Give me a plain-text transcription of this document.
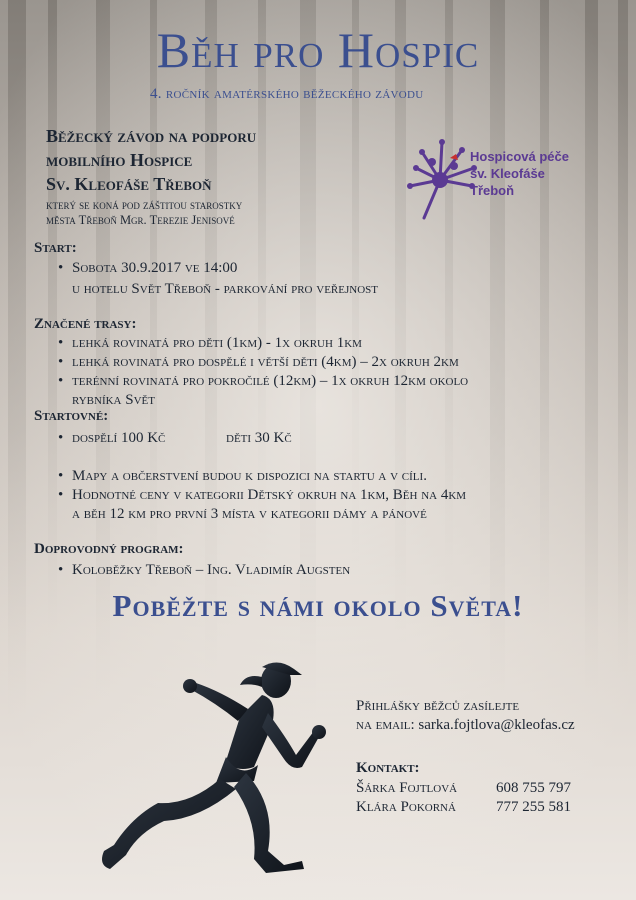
Běh pro Hospic
4. ročník amatérského běžeckého závodu
Běžecký závod na podporu
mobilního Hospice
Sv. Kleofáše Třeboň
který se koná pod záštitou starostky
města Třeboň Mgr. Terezie Jenisové
Hospicová péče
sv. Kleofáše
Třeboň
Start:
• Sobota 30.9.2017 ve 14:00
u hotelu Svět Třeboň - parkování pro veřejnost
Značené trasy:
• lehká rovinatá pro děti (1km) - 1x okruh 1km
• lehká rovinatá pro dospělé i větší děti (4km) – 2x okruh 2km
• terénní rovinatá pro pokročilé (12km) – 1x okruh 12km okolo
rybníka Svět
Startovné:
• dospělí 100 Kč	děti 30 Kč
• Mapy a občerstvení budou k dispozici na startu a v cíli.
• Hodnotné ceny v kategorii Dětský okruh na 1km, Běh na 4km
a běh 12 km pro první 3 místa v kategorii dámy a pánové
Doprovodný program:
• Koloběžky Třeboň – Ing. Vladimír Augsten
Poběžte s námi okolo Světa!
Přihlášky běžců zasílejte
na email: sarka.fojtlova@kleofas.cz
Kontakt:
Šárka Fojtlová	608 755 797
Klára Pokorná	777 255 581
